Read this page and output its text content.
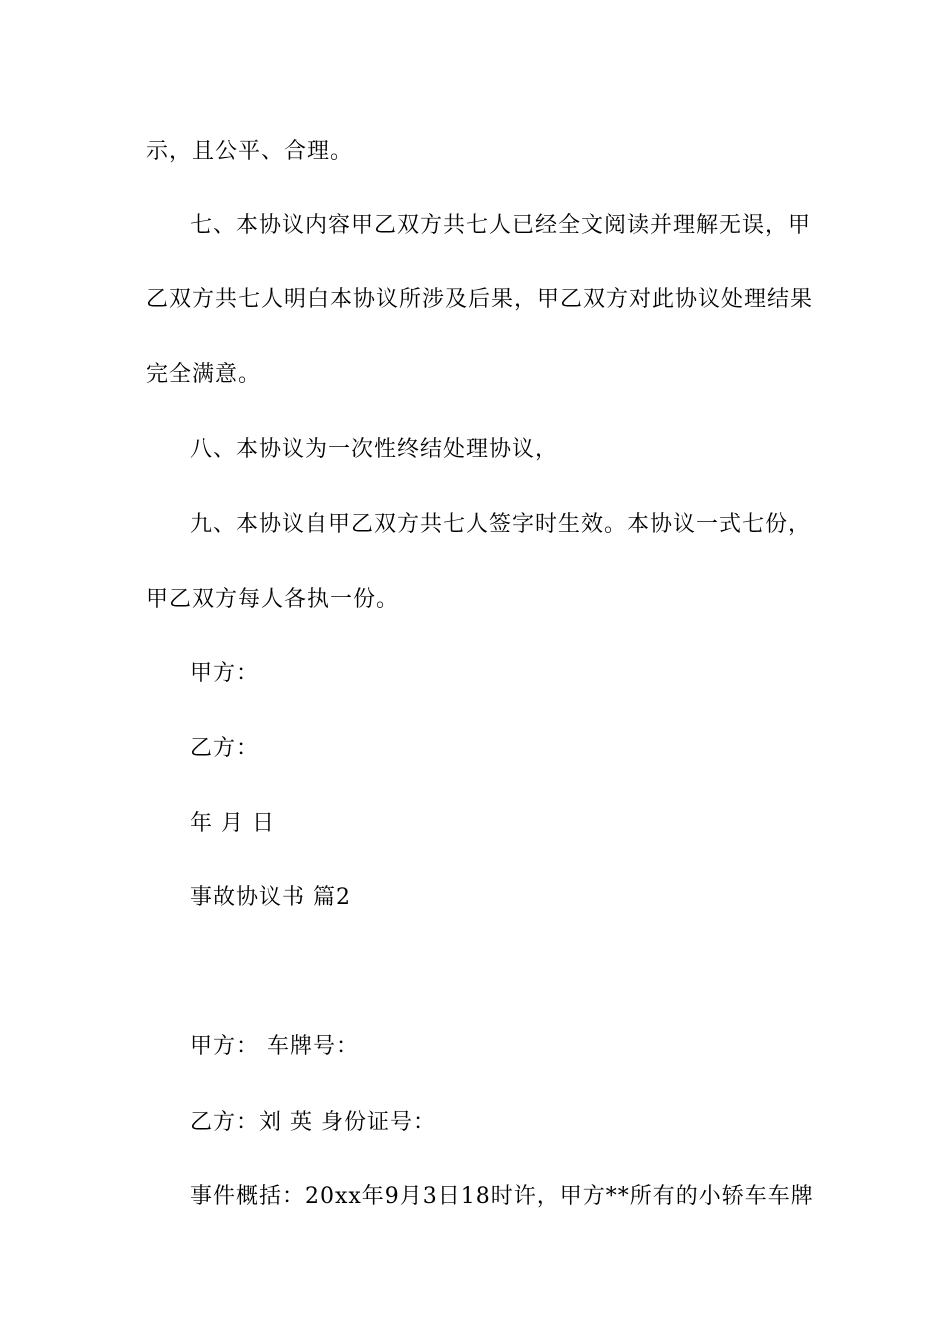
示，且公平、合理。
七、本协议内容甲乙双方共七人已经全文阅读并理解无误，甲
乙双方共七人明白本协议所涉及后果，甲乙双方对此协议处理结果
完全满意。
八、本协议为一次性终结处理协议，
九、本协议自甲乙双方共七人签字时生效。本协议一式七份，
甲乙双方每人各执一份。
甲方：
乙方：
年 月 日
事故协议书 篇2
甲方： 车牌号：
乙方：刘 英 身份证号：
事件概括：20xx年9月3日18时许，甲方**所有的小轿车车牌
